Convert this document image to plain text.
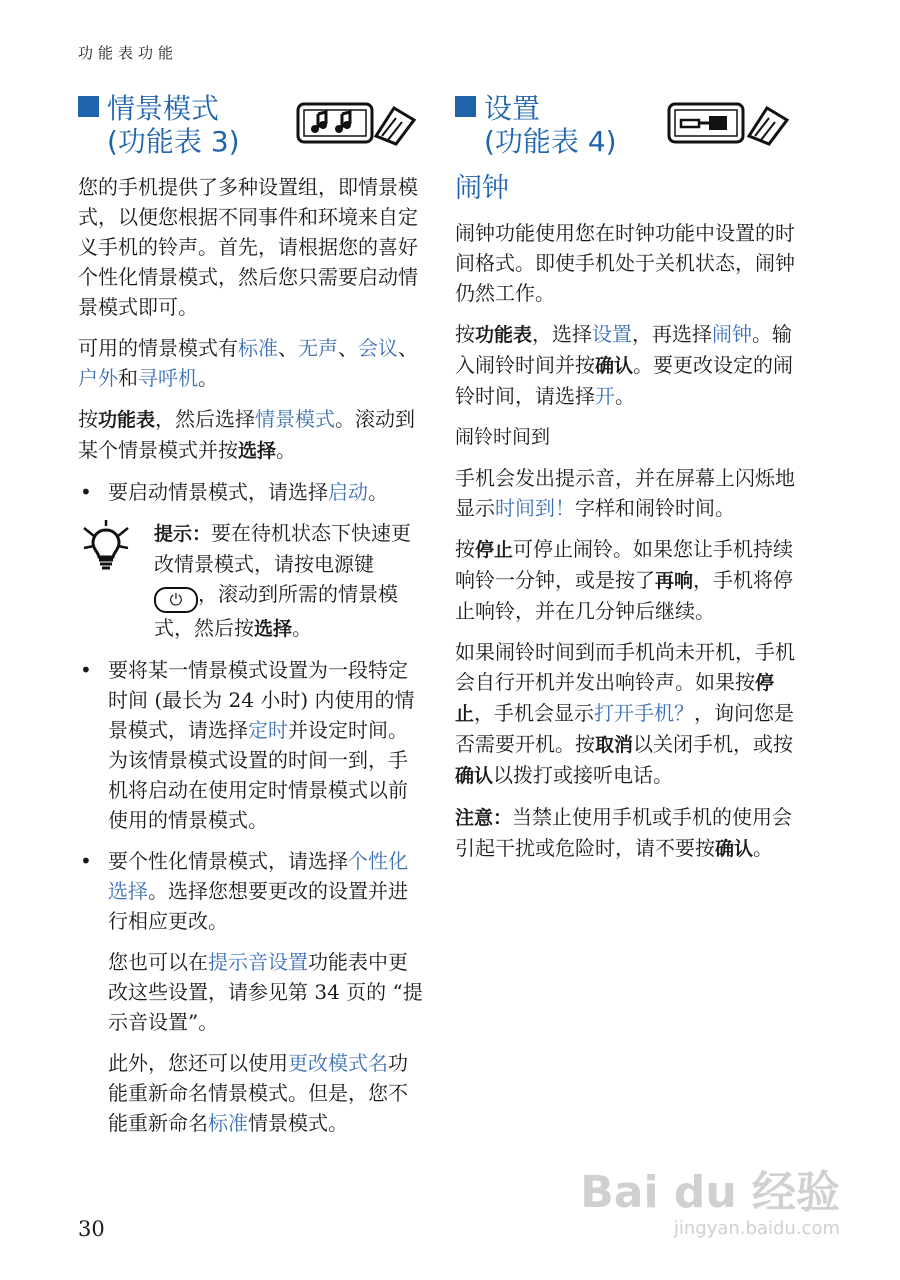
功能表功能
情景模式
(功能表 3)

您的手机提供了多种设置组，即情景模式，以便您根据不同事件和环境来自定义手机的铃声。首先，请根据您的喜好个性化情景模式，然后您只需要启动情景模式即可。

可用的情景模式有标准、无声、会议、户外和寻呼机。

按功能表，然后选择情景模式。滚动到某个情景模式并按选择。

• 要启动情景模式，请选择启动。

提示：要在待机状态下快速更改情景模式，请按电源键 ⏻ ，滚动到所需的情景模式，然后按选择。

• 要将某一情景模式设置为一段特定时间 (最长为 24 小时) 内使用的情景模式，请选择定时并设定时间。为该情景模式设置的时间一到，手机将启动在使用定时情景模式以前使用的情景模式。

• 要个性化情景模式，请选择个性化选择。选择您想要更改的设置并进行相应更改。

您也可以在提示音设置功能表中更改这些设置，请参见第 34 页的 “提示音设置”。

此外，您还可以使用更改模式名功能重新命名情景模式。但是，您不能重新命名标准情景模式。

设置
(功能表 4)
闹钟

闹钟功能使用您在时钟功能中设置的时间格式。即使手机处于关机状态，闹钟仍然工作。

按功能表，选择设置，再选择闹钟。输入闹铃时间并按确认。要更改设定的闹铃时间，请选择开。

闹铃时间到

手机会发出提示音，并在屏幕上闪烁地显示时间到！字样和闹铃时间。

按停止可停止闹铃。如果您让手机持续响铃一分钟，或是按了再响，手机将停止响铃，并在几分钟后继续。

如果闹铃时间到而手机尚未开机，手机会自行开机并发出响铃声。如果按停止，手机会显示打开手机？，询问您是否需要开机。按取消以关闭手机，或按确认以拨打或接听电话。

注意：当禁止使用手机或手机的使用会引起干扰或危险时，请不要按确认。

30
Bai du 经验
jingyan.baidu.com
